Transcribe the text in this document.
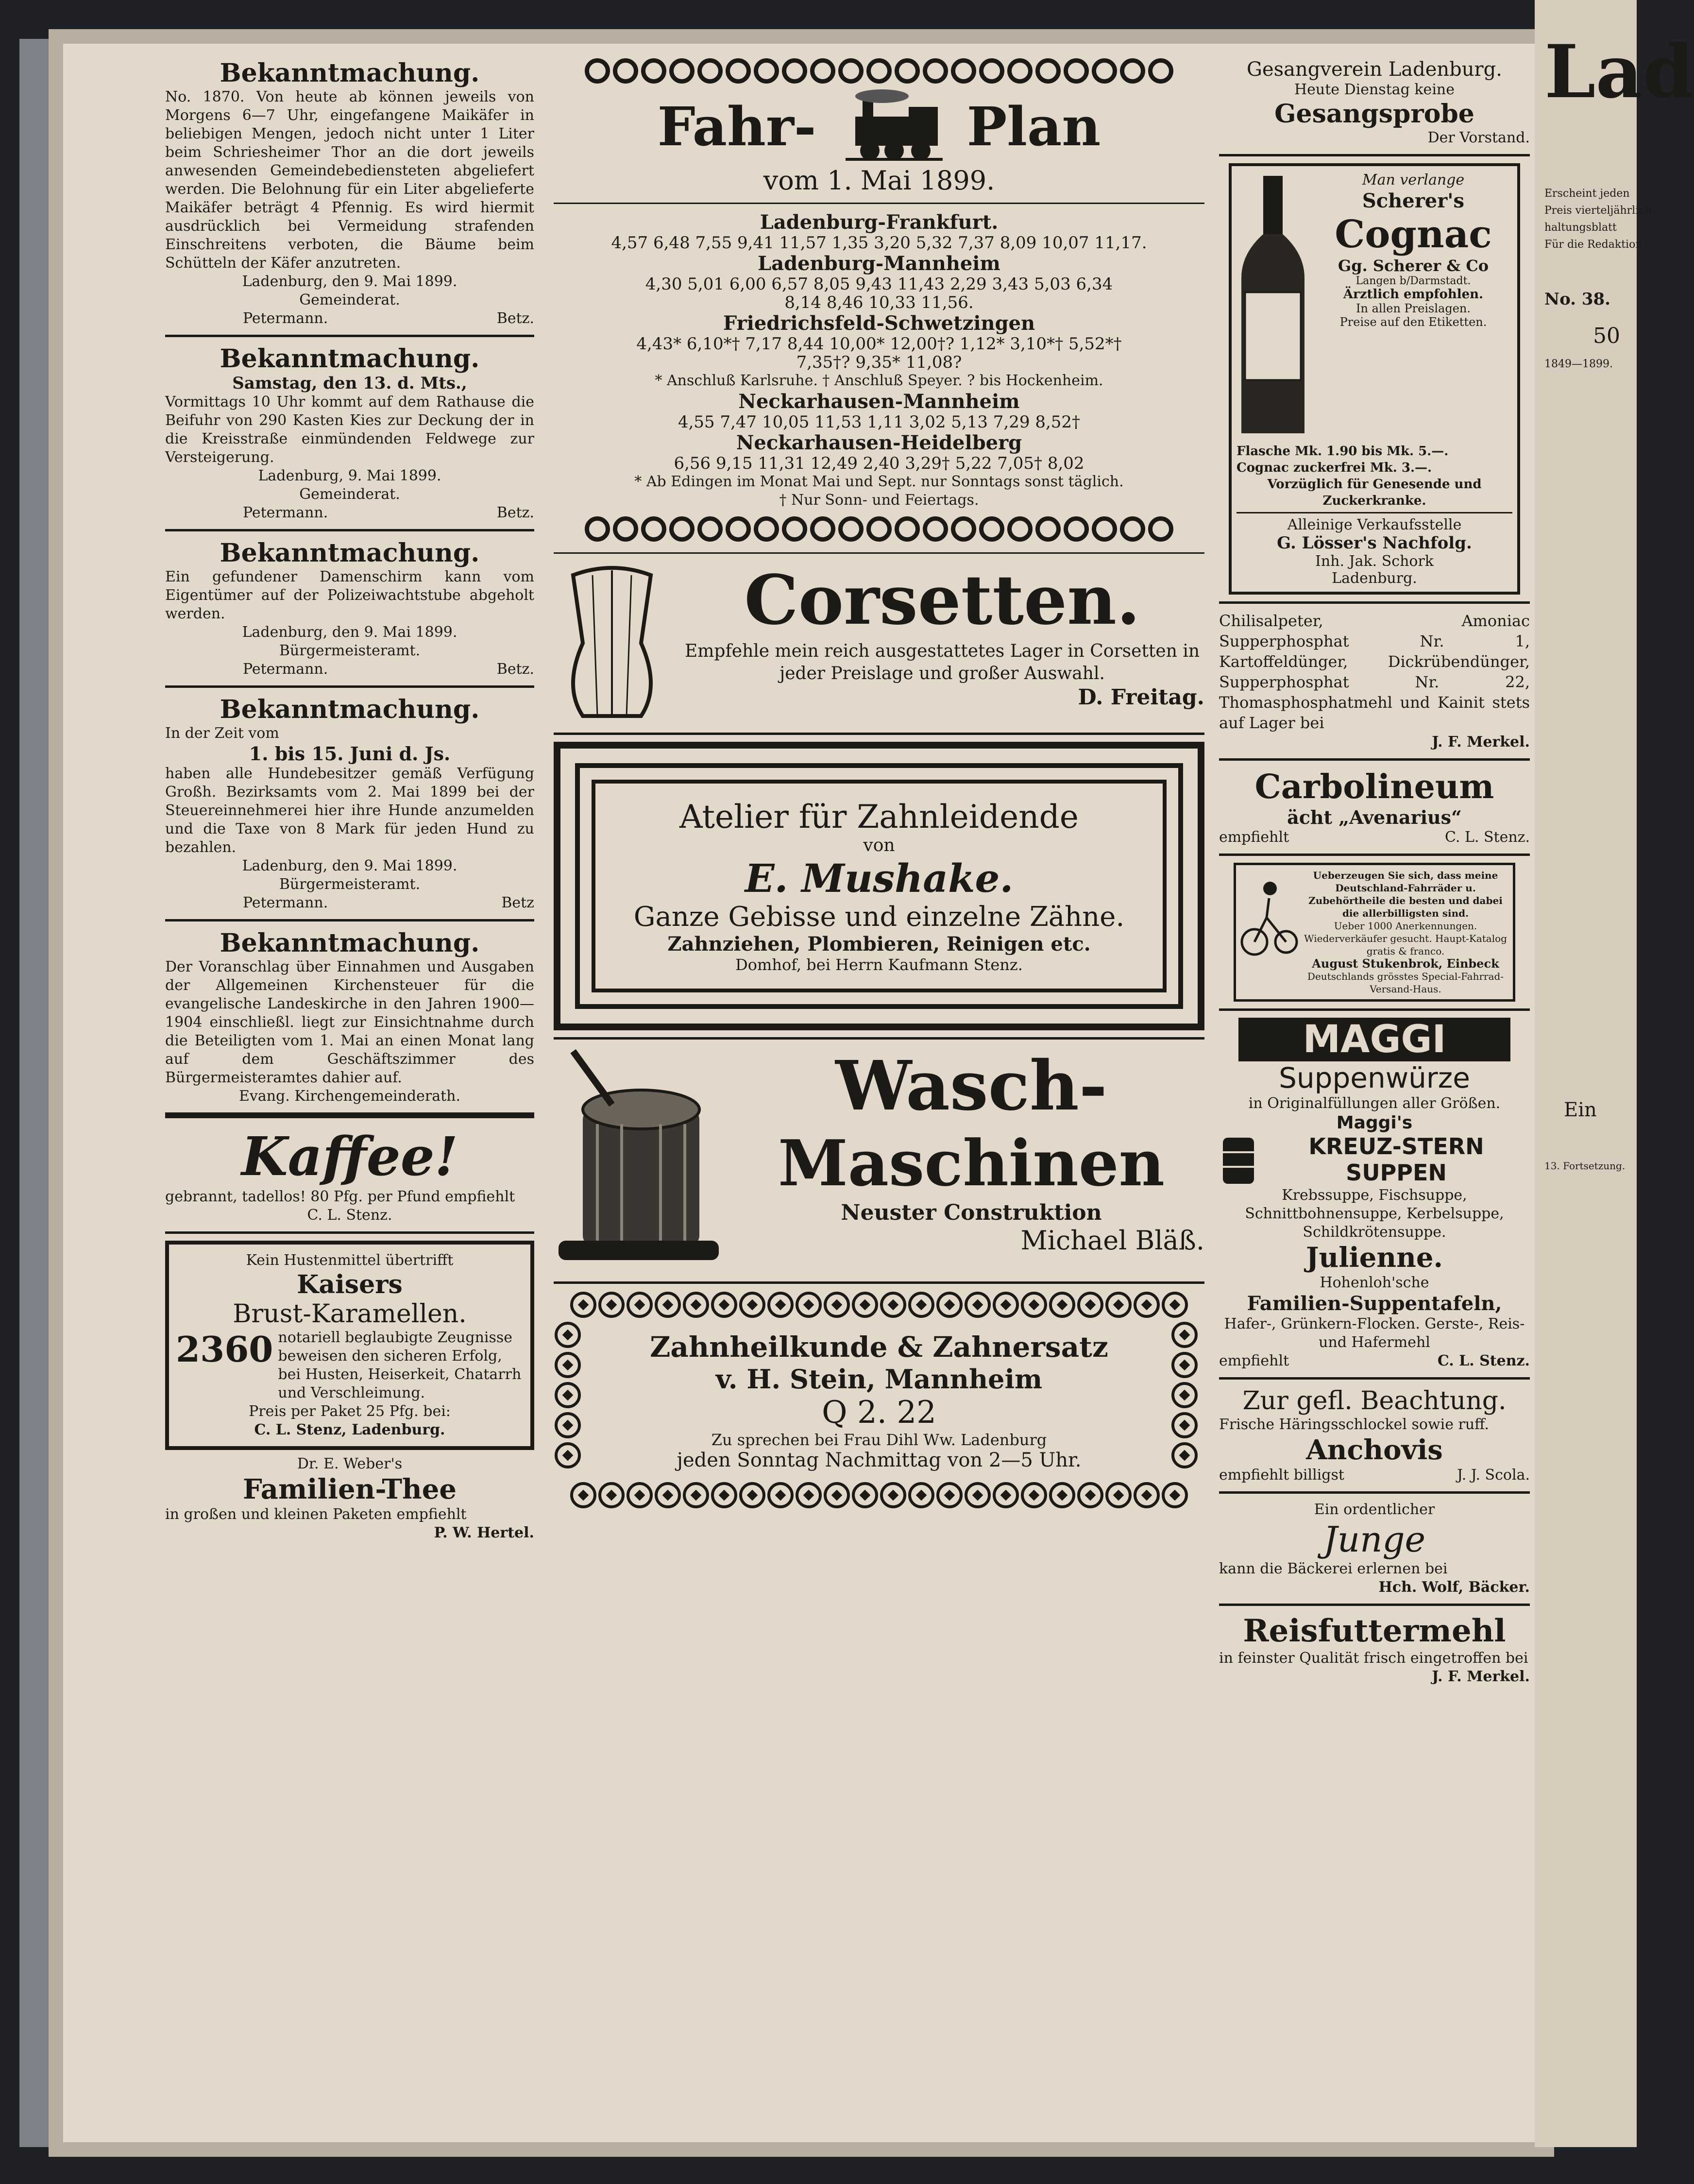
Bekanntmachung.
No. 1870. Von heute ab können jeweils von Morgens 6—7 Uhr, eingefangene Maikäfer in beliebigen Mengen, jedoch nicht unter 1 Liter beim Schriesheimer Thor an die dort jeweils anwesenden Gemeindebediensteten abgeliefert werden. Die Belohnung für ein Liter abgelieferte Maikäfer beträgt 4 Pfennig. Es wird hiermit ausdrücklich bei Vermeidung strafenden Einschreitens verboten, die Bäume beim Schütteln der Käfer anzutreten.
Ladenburg, den 9. Mai 1899.
Gemeinderat.
Petermann.	Betz.
Bekanntmachung.
Samstag, den 13. d. Mts.,
Vormittags 10 Uhr kommt auf dem Rathause die Beifuhr von 290 Kasten Kies zur Deckung der in die Kreisstraße einmündenden Feldwege zur Versteigerung.
Ladenburg, 9. Mai 1899.
Gemeinderat.
Petermann.	Betz.
Bekanntmachung.
Ein gefundener Damenschirm kann vom Eigentümer auf der Polizeiwachtstube abgeholt werden.
Ladenburg, den 9. Mai 1899.
Bürgermeisteramt.
Petermann.	Betz.
Bekanntmachung.
In der Zeit vom
1. bis 15. Juni d. Js.
haben alle Hundebesitzer gemäß Verfügung Großh. Bezirksamts vom 2. Mai 1899 bei der Steuereinnehmerei hier ihre Hunde anzumelden und die Taxe von 8 Mark für jeden Hund zu bezahlen.
Ladenburg, den 9. Mai 1899.
Bürgermeisteramt.
Petermann.	Betz
Bekanntmachung.
Der Voranschlag über Einnahmen und Ausgaben der Allgemeinen Kirchensteuer für die evangelische Landeskirche in den Jahren 1900—1904 einschließl. liegt zur Einsichtnahme durch die Beteiligten vom 1. Mai an einen Monat lang auf dem Geschäftszimmer des Bürgermeisteramtes dahier auf.
Evang. Kirchengemeinderath.
Kaffee!
gebrannt, tadellos! 80 Pfg. per Pfund empfiehlt
C. L. Stenz.
Kein Hustenmittel übertrifft
Kaisers
Brust-Karamellen.
2360 notariell beglaubigte Zeugnisse beweisen den sicheren Erfolg, bei Husten, Heiserkeit, Chatarrh und Verschleimung.
Preis per Paket 25 Pfg. bei:
C. L. Stenz, Ladenburg.
Dr. E. Weber's
Familien-Thee
in großen und kleinen Paketen empfiehlt
P. W. Hertel.
Fahr-	Plan
vom 1. Mai 1899.
Ladenburg-Frankfurt.
4,57 6,48 7,55 9,41 11,57 1,35 3,20 5,32 7,37 8,09 10,07 11,17.
Ladenburg-Mannheim
4,30 5,01 6,00 6,57 8,05 9,43 11,43 2,29 3,43 5,03 6,34
8,14 8,46 10,33 11,56.
Friedrichsfeld-Schwetzingen
4,43* 6,10*† 7,17 8,44 10,00* 12,00†? 1,12* 3,10*† 5,52*†
7,35†? 9,35* 11,08?
* Anschluß Karlsruhe. † Anschluß Speyer. ? bis Hockenheim.
Neckarhausen-Mannheim
4,55 7,47 10,05 11,53 1,11 3,02 5,13 7,29 8,52†
Neckarhausen-Heidelberg
6,56 9,15 11,31 12,49 2,40 3,29† 5,22 7,05† 8,02
* Ab Edingen im Monat Mai und Sept. nur Sonntags sonst täglich.
† Nur Sonn- und Feiertags.
Corsetten.
Empfehle mein reich ausgestattetes Lager in Corsetten in jeder Preislage und großer Auswahl.
D. Freitag.
Atelier für Zahnleidende
von
E. Mushake.
Ganze Gebisse und einzelne Zähne.
Zahnziehen, Plombieren, Reinigen etc.
Domhof, bei Herrn Kaufmann Stenz.
Wasch-
Maschinen
Neuster Construktion
Michael Bläß.
Zahnheilkunde & Zahnersatz
v. H. Stein, Mannheim
Q 2. 22
Zu sprechen bei Frau Dihl Ww. Ladenburg
jeden Sonntag Nachmittag von 2—5 Uhr.
Gesangverein Ladenburg.
Heute Dienstag keine
Gesangsprobe
Der Vorstand.
Man verlange
Scherer's
Cognac
Gg. Scherer & Co
Langen b/Darmstadt.
Ärztlich empfohlen.
In allen Preislagen.
Preise auf den Etiketten.
Flasche Mk. 1.90 bis Mk. 5.—.
Cognac zuckerfrei Mk. 3.—.
Vorzüglich für Genesende und Zuckerkranke.
Alleinige Verkaufsstelle
G. Lösser's Nachfolg.
Inh. Jak. Schork
Ladenburg.
Chilisalpeter, Amoniac Supperphosphat Nr. 1, Kartoffeldünger, Dickrübendünger, Supperphosphat Nr. 22, Thomasphosphatmehl und Kainit stets auf Lager bei
J. F. Merkel.
Carbolineum
ächt „Avenarius“
empfiehlt	C. L. Stenz.
Ueberzeugen Sie sich, dass meine Deutschland-Fahrräder u. Zubehörtheile die besten und dabei die allerbilligsten sind.
Ueber 1000 Anerkennungen.
Wiederverkäufer gesucht. Haupt-Katalog gratis & franco.
August Stukenbrok, Einbeck
Deutschlands grösstes Special-Fahrrad-Versand-Haus.
MAGGI
Suppenwürze
in Originalfüllungen aller Größen.
Maggi's
KREUZ-STERN SUPPEN
Krebssuppe, Fischsuppe, Schnittbohnensuppe, Kerbelsuppe, Schildkrötensuppe.
Julienne.
Hohenloh'sche
Familien-Suppentafeln,
Hafer-, Grünkern-Flocken. Gerste-, Reis- und Hafermehl
empfiehlt	C. L. Stenz.
Zur gefl. Beachtung.
Frische Häringsschlockel sowie ruff.
Anchovis
empfiehlt billigst	J. J. Scola.
Ein ordentlicher
Junge
kann die Bäckerei erlernen bei
Hch. Wolf, Bäcker.
Reisfuttermehl
in feinster Qualität frisch eingetroffen bei
J. F. Merkel.
Lad
Erscheint jeden
Preis vierteljährlich
haltungsblatt
Für die Redaktion
No. 38.
50
1849—1899.
Ein
13. Fortsetzung.
